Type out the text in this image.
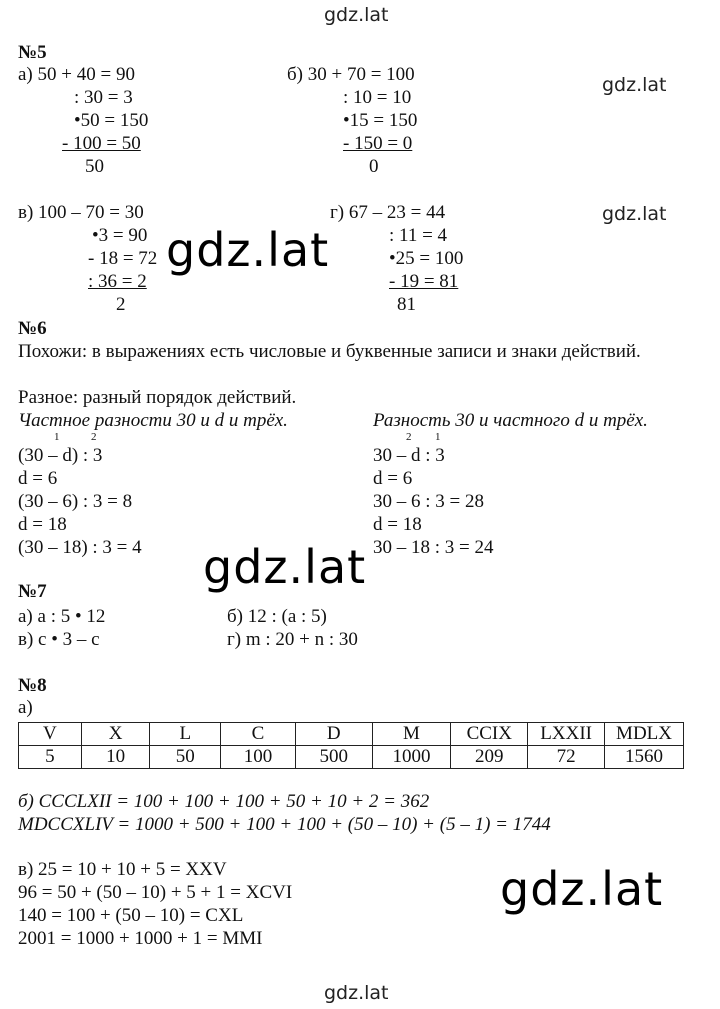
gdz.lat
gdz.lat
gdz.lat
gdz.lat
gdz.lat
gdz.lat
gdz.lat
№5
а) 50 + 40 = 90
: 30 = 3
•50 = 150
- 100 = 50
50
б) 30 + 70 = 100
: 10 = 10
•15 = 150
- 150 = 0
0
в) 100 – 70 = 30
•3 = 90
- 18 = 72
: 36 = 2
2
г) 67 – 23 = 44
: 11 = 4
•25 = 100
- 19 = 81
81
№6
Похожи: в выражениях есть числовые и буквенные записи и знаки действий.
Разное: разный порядок действий.
Частное разности 30 и d и трёх.	Разность 30 и частного d и трёх.
1	2	2 1
(30 – d) : 3
d = 6
(30 – 6) : 3 = 8
d = 18
(30 – 18) : 3 = 4
30 – d : 3
d = 6
30 – 6 : 3 = 28
d = 18
30 – 18 : 3 = 24
№7
а) a : 5 • 12	б) 12 : (a : 5)
в) c • 3 – c	г) m : 20 + n : 30
№8
а)
V	X	L	C	D	M	CCIX	LXXII	MDLX
5	10	50	100	500	1000	209	72	1560
б) CCCLXII = 100 + 100 + 100 + 50 + 10 + 2 = 362
MDCCXLIV = 1000 + 500 + 100 + 100 + (50 – 10) + (5 – 1) = 1744
в) 25 = 10 + 10 + 5 = XXV
96 = 50 + (50 – 10) + 5 + 1 = XCVI
140 = 100 + (50 – 10) = CXL
2001 = 1000 + 1000 + 1 = MMI
